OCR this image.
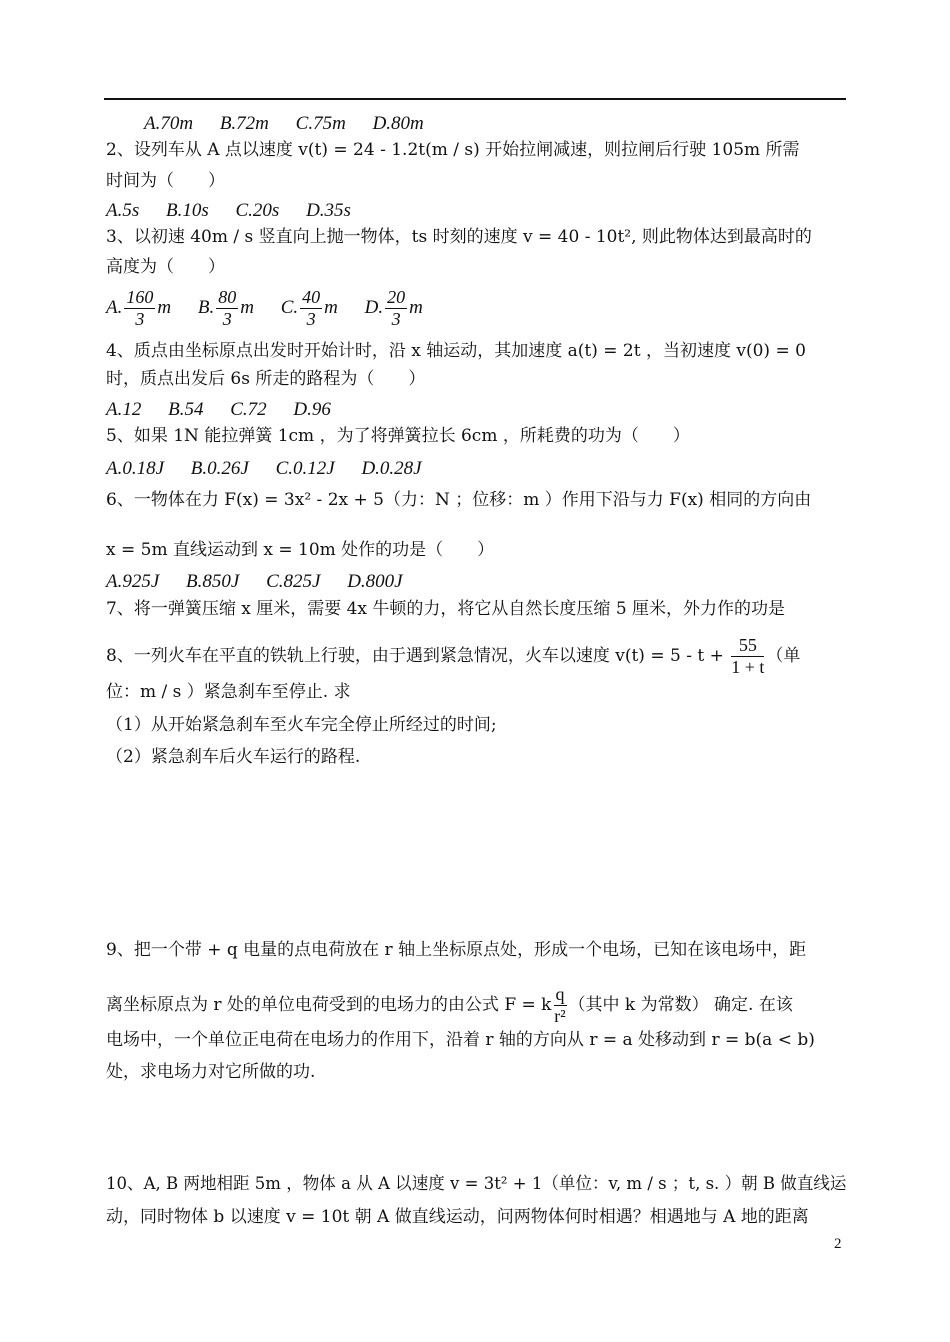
A.70m B.72m C.75m D.80m
2、设列车从 A 点以速度 v(t) = 24 - 1.2t(m / s) 开始拉闸减速，则拉闸后行驶 105m 所需
时间为（　　）
A.5s B.10s C.20s D.35s
3、以初速 40m / s 竖直向上抛一物体，ts 时刻的速度 v = 40 - 10t², 则此物体达到最高时的
高度为（　　）
A. $\frac{160}{3}$ m B. $\frac{80}{3}$ m C. $\frac{40}{3}$ m D. $\frac{20}{3}$ m
4、质点由坐标原点出发时开始计时，沿 x 轴运动，其加速度 a(t) = 2t ，当初速度 v(0) = 0
时，质点出发后 6s 所走的路程为（　　）
A.12 B.54 C.72 D.96
5、如果 1N 能拉弹簧 1cm ，为了将弹簧拉长 6cm ，所耗费的功为（　　）
A.0.18J B.0.26J C.0.12J D.0.28J
6、一物体在力 F(x) = 3x² - 2x + 5（力：N ；位移：m ）作用下沿与力 F(x) 相同的方向由
x = 5m 直线运动到 x = 10m 处作的功是（　　）
A.925J B.850J C.825J D.800J
7、将一弹簧压缩 x 厘米，需要 4x 牛顿的力，将它从自然长度压缩 5 厘米，外力作的功是
8、一列火车在平直的铁轨上行驶，由于遇到紧急情况，火车以速度 $v(t) = 5 - t + \frac{55}{1 + t}$ （单
位：m / s ）紧急刹车至停止. 求
（1）从开始紧急刹车至火车完全停止所经过的时间;
（2）紧急刹车后火车运行的路程.
9、把一个带 + q 电量的点电荷放在 r 轴上坐标原点处，形成一个电场，已知在该电场中，距
离坐标原点为 r 处的单位电荷受到的电场力的由公式 F = k $\frac{q}{\text{r²}}$ （其中 k 为常数） 确定. 在该
电场中，一个单位正电荷在电场力的作用下，沿着 r 轴的方向从 r = a 处移动到 r = b(a < b)
处，求电场力对它所做的功.
10、A, B 两地相距 5m ，物体 a 从 A 以速度 v = 3t² + 1（单位：v, m / s ；t, s. ）朝 B 做直线运
动，同时物体 b 以速度 v = 10t 朝 A 做直线运动，问两物体何时相遇？相遇地与 A 地的距离
2
